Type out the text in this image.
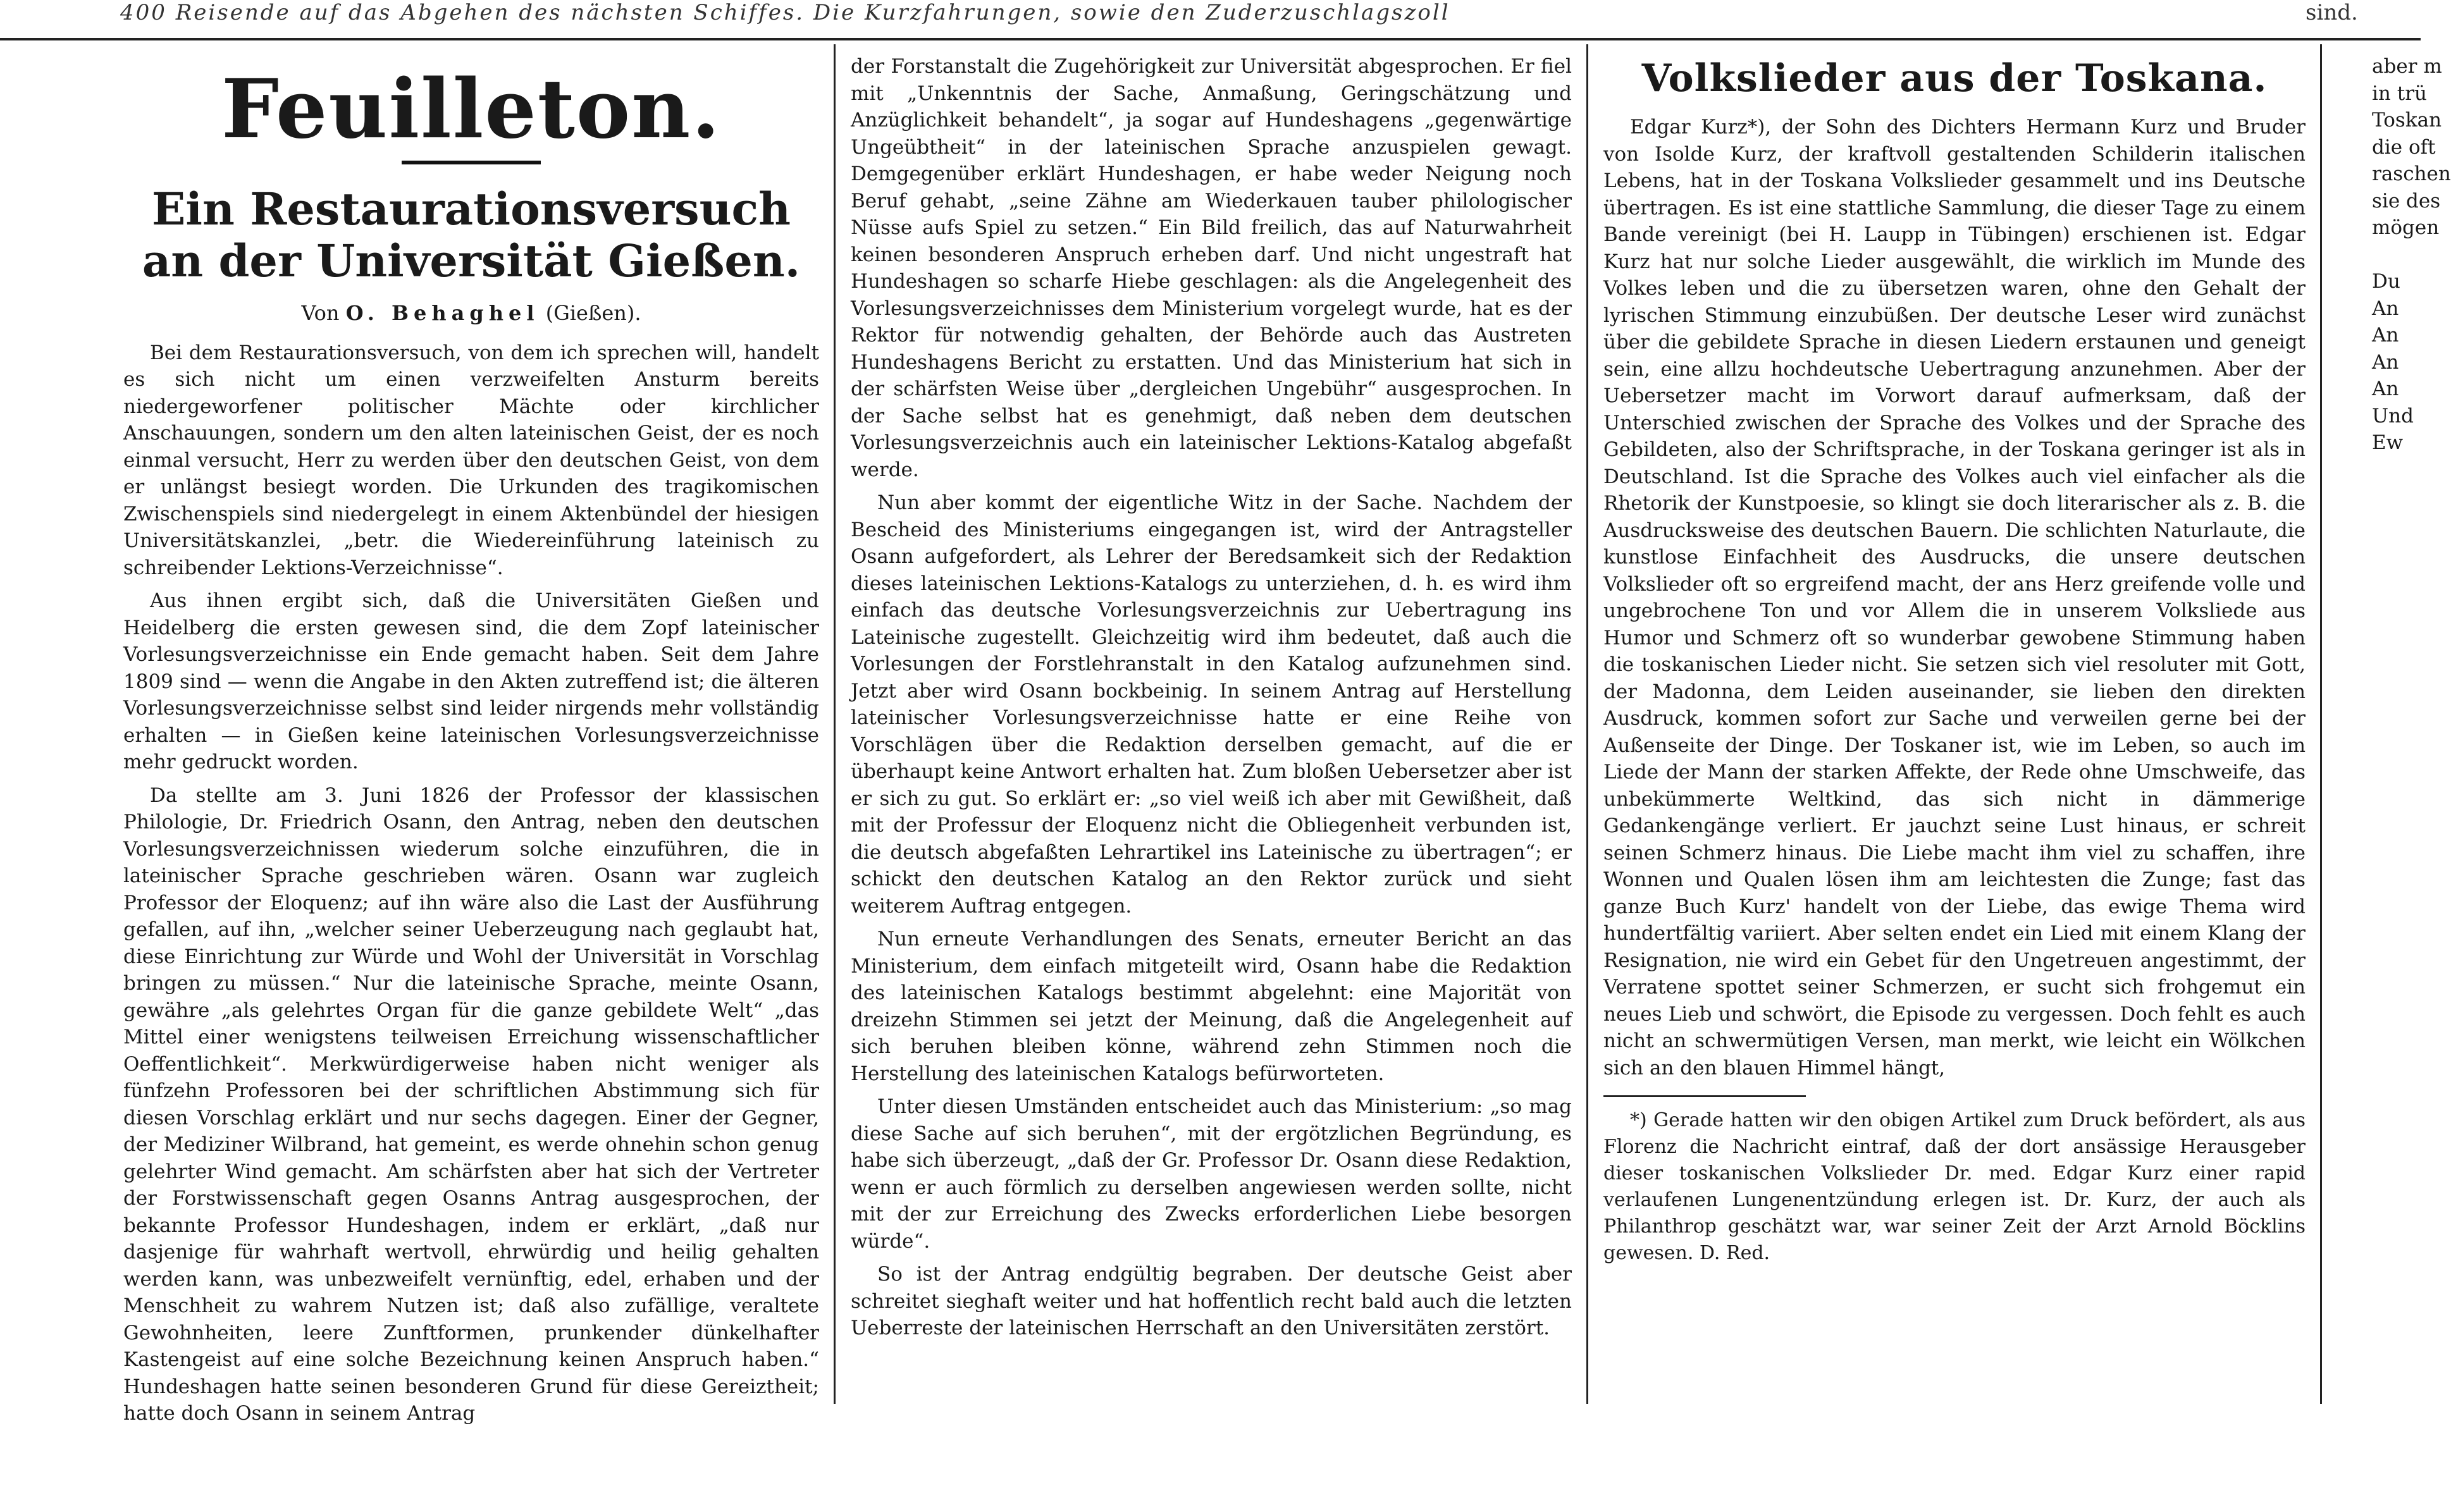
400 Reisende auf das Abgehen des nächsten Schiffes. Die Kurzfahrungen, sowie den Zuderzuschlagszoll	sind.
Feuilleton.
Ein Restaurationsversuch an der Universität Gießen.
Von O. Behaghel (Gießen).

Bei dem Restaurationsversuch, von dem ich sprechen will, handelt es sich nicht um einen verzweifelten Ansturm bereits niedergeworfener politischer Mächte oder kirchlicher Anschauungen, sondern um den alten lateinischen Geist, der es noch einmal versucht, Herr zu werden über den deutschen Geist, von dem er unlängst besiegt worden. Die Urkunden des tragikomischen Zwischenspiels sind niedergelegt in einem Aktenbündel der hiesigen Universitätskanzlei, „betr. die Wiedereinführung lateinisch zu schreibender Lektions-Verzeichnisse“.

Aus ihnen ergibt sich, daß die Universitäten Gießen und Heidelberg die ersten gewesen sind, die dem Zopf lateinischer Vorlesungsverzeichnisse ein Ende gemacht haben. Seit dem Jahre 1809 sind — wenn die Angabe in den Akten zutreffend ist; die älteren Vorlesungsverzeichnisse selbst sind leider nirgends mehr vollständig erhalten — in Gießen keine lateinischen Vorlesungsverzeichnisse mehr gedruckt worden.

Da stellte am 3. Juni 1826 der Professor der klassischen Philologie, Dr. Friedrich Osann, den Antrag, neben den deutschen Vorlesungsverzeichnissen wiederum solche einzuführen, die in lateinischer Sprache geschrieben wären. Osann war zugleich Professor der Eloquenz; auf ihn wäre also die Last der Ausführung gefallen, auf ihn, „welcher seiner Ueberzeugung nach geglaubt hat, diese Einrichtung zur Würde und Wohl der Universität in Vorschlag bringen zu müssen.“ Nur die lateinische Sprache, meinte Osann, gewähre „als gelehrtes Organ für die ganze gebildete Welt“ „das Mittel einer wenigstens teilweisen Erreichung wissenschaftlicher Oeffentlichkeit“. Merkwürdigerweise haben nicht weniger als fünfzehn Professoren bei der schriftlichen Abstimmung sich für diesen Vorschlag erklärt und nur sechs dagegen. Einer der Gegner, der Mediziner Wilbrand, hat gemeint, es werde ohnehin schon genug gelehrter Wind gemacht. Am schärfsten aber hat sich der Vertreter der Forstwissenschaft gegen Osanns Antrag ausgesprochen, der bekannte Professor Hundeshagen, indem er erklärt, „daß nur dasjenige für wahrhaft wertvoll, ehrwürdig und heilig gehalten werden kann, was unbezweifelt vernünftig, edel, erhaben und der Menschheit zu wahrem Nutzen ist; daß also zufällige, veraltete Gewohnheiten, leere Zunftformen, prunkender dünkelhafter Kastengeist auf eine solche Bezeichnung keinen Anspruch haben.“ Hundeshagen hatte seinen besonderen Grund für diese Gereiztheit; hatte doch Osann in seinem Antrag

der Forstanstalt die Zugehörigkeit zur Universität abgesprochen. Er fiel mit „Unkenntnis der Sache, Anmaßung, Geringschätzung und Anzüglichkeit behandelt“, ja sogar auf Hundeshagens „gegenwärtige Ungeübtheit“ in der lateinischen Sprache anzuspielen gewagt. Demgegenüber erklärt Hundeshagen, er habe weder Neigung noch Beruf gehabt, „seine Zähne am Wiederkauen tauber philologischer Nüsse aufs Spiel zu setzen.“ Ein Bild freilich, das auf Naturwahrheit keinen besonderen Anspruch erheben darf. Und nicht ungestraft hat Hundeshagen so scharfe Hiebe geschlagen: als die Angelegenheit des Vorlesungsverzeichnisses dem Ministerium vorgelegt wurde, hat es der Rektor für notwendig gehalten, der Behörde auch das Austreten Hundeshagens Bericht zu erstatten. Und das Ministerium hat sich in der schärfsten Weise über „dergleichen Ungebühr“ ausgesprochen. In der Sache selbst hat es genehmigt, daß neben dem deutschen Vorlesungsverzeichnis auch ein lateinischer Lektions-Katalog abgefaßt werde.

Nun aber kommt der eigentliche Witz in der Sache. Nachdem der Bescheid des Ministeriums eingegangen ist, wird der Antragsteller Osann aufgefordert, als Lehrer der Beredsamkeit sich der Redaktion dieses lateinischen Lektions-Katalogs zu unterziehen, d. h. es wird ihm einfach das deutsche Vorlesungsverzeichnis zur Uebertragung ins Lateinische zugestellt. Gleichzeitig wird ihm bedeutet, daß auch die Vorlesungen der Forstlehranstalt in den Katalog aufzunehmen sind. Jetzt aber wird Osann bockbeinig. In seinem Antrag auf Herstellung lateinischer Vorlesungsverzeichnisse hatte er eine Reihe von Vorschlägen über die Redaktion derselben gemacht, auf die er überhaupt keine Antwort erhalten hat. Zum bloßen Uebersetzer aber ist er sich zu gut. So erklärt er: „so viel weiß ich aber mit Gewißheit, daß mit der Professur der Eloquenz nicht die Obliegenheit verbunden ist, die deutsch abgefaßten Lehrartikel ins Lateinische zu übertragen“; er schickt den deutschen Katalog an den Rektor zurück und sieht weiterem Auftrag entgegen.

Nun erneute Verhandlungen des Senats, erneuter Bericht an das Ministerium, dem einfach mitgeteilt wird, Osann habe die Redaktion des lateinischen Katalogs bestimmt abgelehnt: eine Majorität von dreizehn Stimmen sei jetzt der Meinung, daß die Angelegenheit auf sich beruhen bleiben könne, während zehn Stimmen noch die Herstellung des lateinischen Katalogs befürworteten.

Unter diesen Umständen entscheidet auch das Ministerium: „so mag diese Sache auf sich beruhen“, mit der ergötzlichen Begründung, es habe sich überzeugt, „daß der Gr. Professor Dr. Osann diese Redaktion, wenn er auch förmlich zu derselben angewiesen werden sollte, nicht mit der zur Erreichung des Zwecks erforderlichen Liebe besorgen würde“.

So ist der Antrag endgültig begraben. Der deutsche Geist aber schreitet sieghaft weiter und hat hoffentlich recht bald auch die letzten Ueberreste der lateinischen Herrschaft an den Universitäten zerstört.

Volkslieder aus der Toskana.

Edgar Kurz*), der Sohn des Dichters Hermann Kurz und Bruder von Isolde Kurz, der kraftvoll gestaltenden Schilderin italischen Lebens, hat in der Toskana Volkslieder gesammelt und ins Deutsche übertragen. Es ist eine stattliche Sammlung, die dieser Tage zu einem Bande vereinigt (bei H. Laupp in Tübingen) erschienen ist. Edgar Kurz hat nur solche Lieder ausgewählt, die wirklich im Munde des Volkes leben und die zu übersetzen waren, ohne den Gehalt der lyrischen Stimmung einzubüßen. Der deutsche Leser wird zunächst über die gebildete Sprache in diesen Liedern erstaunen und geneigt sein, eine allzu hochdeutsche Uebertragung anzunehmen. Aber der Uebersetzer macht im Vorwort darauf aufmerksam, daß der Unterschied zwischen der Sprache des Volkes und der Sprache des Gebildeten, also der Schriftsprache, in der Toskana geringer ist als in Deutschland. Ist die Sprache des Volkes auch viel einfacher als die Rhetorik der Kunstpoesie, so klingt sie doch literarischer als z. B. die Ausdrucksweise des deutschen Bauern. Die schlichten Naturlaute, die kunstlose Einfachheit des Ausdrucks, die unsere deutschen Volkslieder oft so ergreifend macht, der ans Herz greifende volle und ungebrochene Ton und vor Allem die in unserem Volksliede aus Humor und Schmerz oft so wunderbar gewobene Stimmung haben die toskanischen Lieder nicht. Sie setzen sich viel resoluter mit Gott, der Madonna, dem Leiden auseinander, sie lieben den direkten Ausdruck, kommen sofort zur Sache und verweilen gerne bei der Außenseite der Dinge. Der Toskaner ist, wie im Leben, so auch im Liede der Mann der starken Affekte, der Rede ohne Umschweife, das unbekümmerte Weltkind, das sich nicht in dämmerige Gedankengänge verliert. Er jauchzt seine Lust hinaus, er schreit seinen Schmerz hinaus. Die Liebe macht ihm viel zu schaffen, ihre Wonnen und Qualen lösen ihm am leichtesten die Zunge; fast das ganze Buch Kurz' handelt von der Liebe, das ewige Thema wird hundertfältig variiert. Aber selten endet ein Lied mit einem Klang der Resignation, nie wird ein Gebet für den Ungetreuen angestimmt, der Verratene spottet seiner Schmerzen, er sucht sich frohgemut ein neues Lieb und schwört, die Episode zu vergessen. Doch fehlt es auch nicht an schwermütigen Versen, man merkt, wie leicht ein Wölkchen sich an den blauen Himmel hängt,

*) Gerade hatten wir den obigen Artikel zum Druck befördert, als aus Florenz die Nachricht eintraf, daß der dort ansässige Herausgeber dieser toskanischen Volkslieder Dr. med. Edgar Kurz einer rapid verlaufenen Lungenentzündung erlegen ist. Dr. Kurz, der auch als Philanthrop geschätzt war, war seiner Zeit der Arzt Arnold Böcklins gewesen. D. Red.

aber m
in trü
Toskan
die oft
raschen
sie des
mögen
Du
An
An
An
An
Und
Ew
